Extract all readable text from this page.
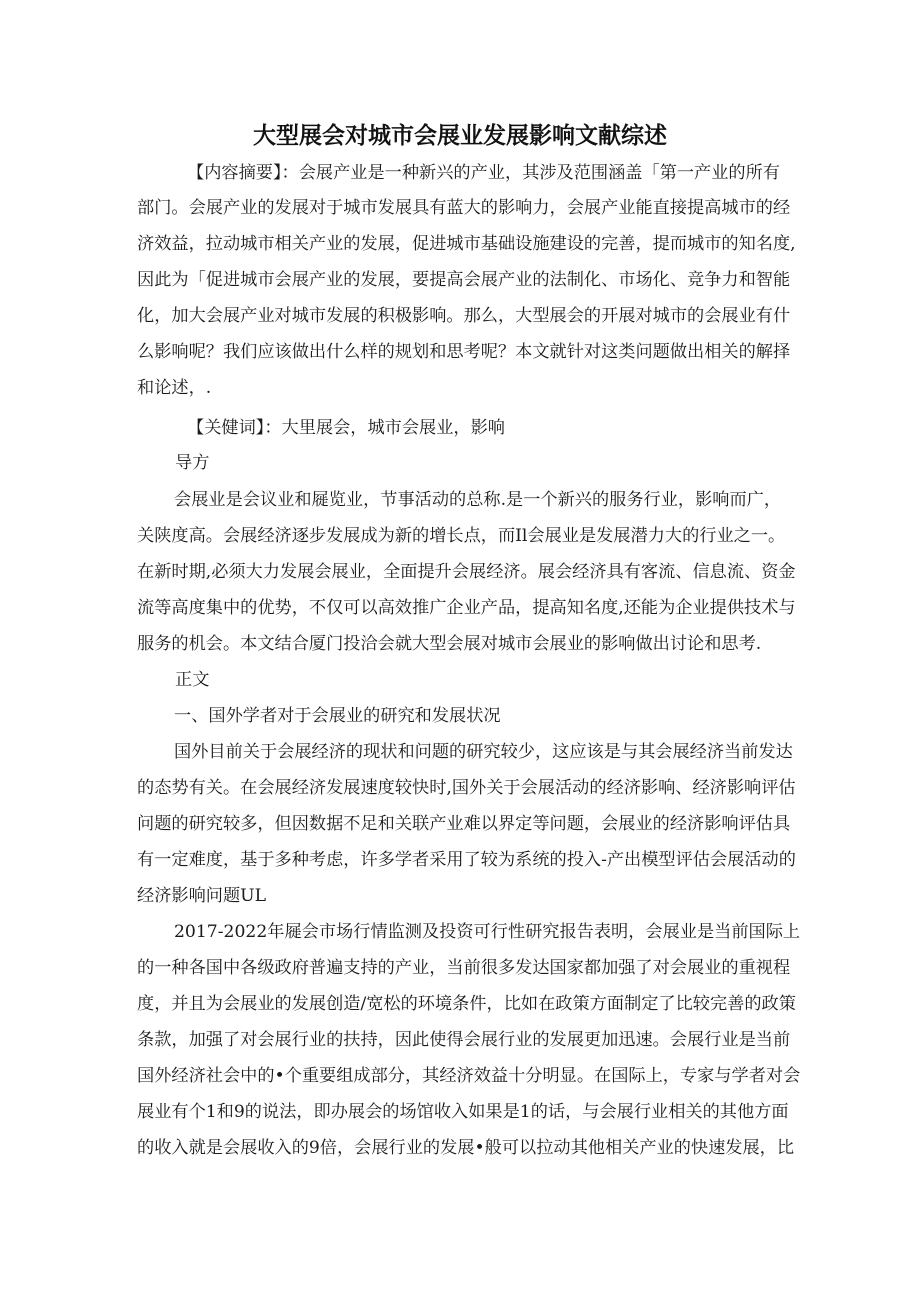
大型展会对城市会展业发展影响文献综述
【内容摘要】：会展产业是一种新兴的产业，其涉及范围涵盖「第一产业的所有
部门。会展产业的发展对于城市发展具有蓝大的影响力，会展产业能直接提高城市的经
济效益，拉动城市相关产业的发展，促进城市基础设施建设的完善，提而城市的知名度,
因此为「促进城市会展产业的发展，要提高会展产业的法制化、市场化、竞争力和智能
化，加大会展产业对城市发展的积极影响。那么，大型展会的开展对城市的会展业有什
么影响呢？我们应该做出什么样的规划和思考呢？本文就针对这类问题做出相关的解择
和论述，.
【关健词】：大里展会，城市会展业，影响
导方
会展业是会议业和屣览业，节事活动的总称.是一个新兴的服务行业，影响而广，
关陕度高。会展经济逐步发展成为新的增长点，而Il会展业是发展潜力大的行业之一。
在新时期,必须大力发展会展业，全面提升会展经济。展会经济具有客流、信息流、资金
流等高度集中的优势，不仅可以高效推广企业产品，提高知名度,还能为企业提供技术与
服务的机会。本文结合厦门投洽会就大型会展对城市会展业的影响做出讨论和思考.
正文
一、国外学者对于会展业的研究和发展状况
国外目前关于会展经济的现状和问题的研究较少，这应该是与其会展经济当前发达
的态势有关。在会展经济发展速度较快时,国外关于会展活动的经济影响、经济影响评估
问题的研究较多，但因数据不足和关联产业难以界定等问题，会展业的经济影响评估具
有一定难度，基于多种考虑，许多学者采用了较为系统的投入-产出模型评估会展活动的
经济影响问题UL
2017-2022年屣会市场行情监测及投资可行性研究报告表明，会展业是当前国际上
的一种各国中各级政府普遍支持的产业，当前很多发达国家都加强了对会展业的重视程
度，并且为会展业的发展创造/宽松的环境条件，比如在政策方面制定了比较完善的政策
条款，加强了对会展行业的扶持，因此使得会展行业的发展更加迅速。会展行业是当前
国外经济社会中的•个重要组成部分，其经济效益十分明显。在国际上，专家与学者对会
展业有个1和9的说法，即办展会的场馆收入如果是1的话，与会展行业相关的其他方面
的收入就是会展收入的9倍，会展行业的发展•般可以拉动其他相关产业的快速发展，比
